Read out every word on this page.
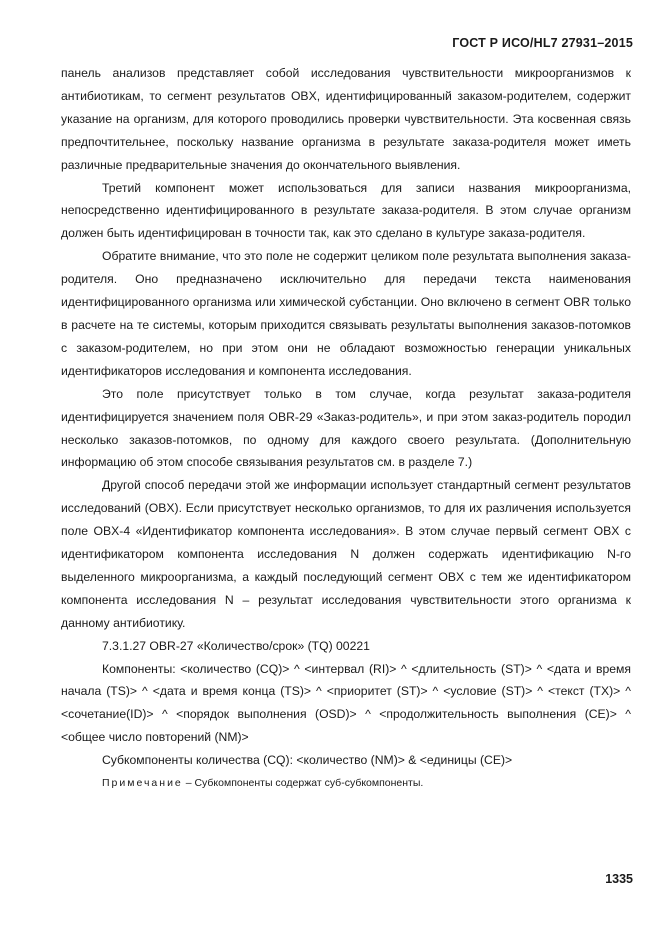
ГОСТ Р ИСО/HL7 27931–2015

панель анализов представляет собой исследования чувствительности микроорганизмов к антибиотикам, то сегмент результатов OBX, идентифицированный заказом-родителем, содержит указание на организм, для которого проводились проверки чувствительности. Эта косвенная связь предпочтительнее, поскольку название организма в результате заказа-родителя может иметь различные предварительные значения до окончательного выявления.

Третий компонент может использоваться для записи названия микроорганизма, непосредственно идентифицированного в результате заказа-родителя. В этом случае организм должен быть идентифицирован в точности так, как это сделано в культуре заказа-родителя.

Обратите внимание, что это поле не содержит целиком поле результата выполнения заказа-родителя. Оно предназначено исключительно для передачи текста наименования идентифицированного организма или химической субстанции. Оно включено в сегмент OBR только в расчете на те системы, которым приходится связывать результаты выполнения заказов-потомков с заказом-родителем, но при этом они не обладают возможностью генерации уникальных идентификаторов исследования и компонента исследования.

Это поле присутствует только в том случае, когда результат заказа-родителя идентифицируется значением поля OBR-29 «Заказ-родитель», и при этом заказ-родитель породил несколько заказов-потомков, по одному для каждого своего результата. (Дополнительную информацию об этом способе связывания результатов см. в разделе 7.)

Другой способ передачи этой же информации использует стандартный сегмент результатов исследований (OBX). Если присутствует несколько организмов, то для их различения используется поле OBX-4 «Идентификатор компонента исследования». В этом случае первый сегмент OBX с идентификатором компонента исследования N должен содержать идентификацию N-го выделенного микроорганизма, а каждый последующий сегмент OBX с тем же идентификатором компонента исследования N – результат исследования чувствительности этого организма к данному антибиотику.

7.3.1.27 OBR-27 «Количество/срок» (TQ) 00221

Компоненты: <количество (CQ)> ^ <интервал (RI)> ^ <длительность (ST)> ^ <дата и время начала (TS)> ^ <дата и время конца (TS)> ^ <приоритет (ST)> ^ <условие (ST)> ^ <текст (TX)> ^ <сочетание(ID)> ^ <порядок выполнения (OSD)> ^ <продолжительность выполнения (CE)> ^ <общее число повторений (NM)>

Субкомпоненты количества (CQ): <количество (NM)> & <единицы (CE)>

Примечание – Субкомпоненты содержат суб-субкомпоненты.

1335
